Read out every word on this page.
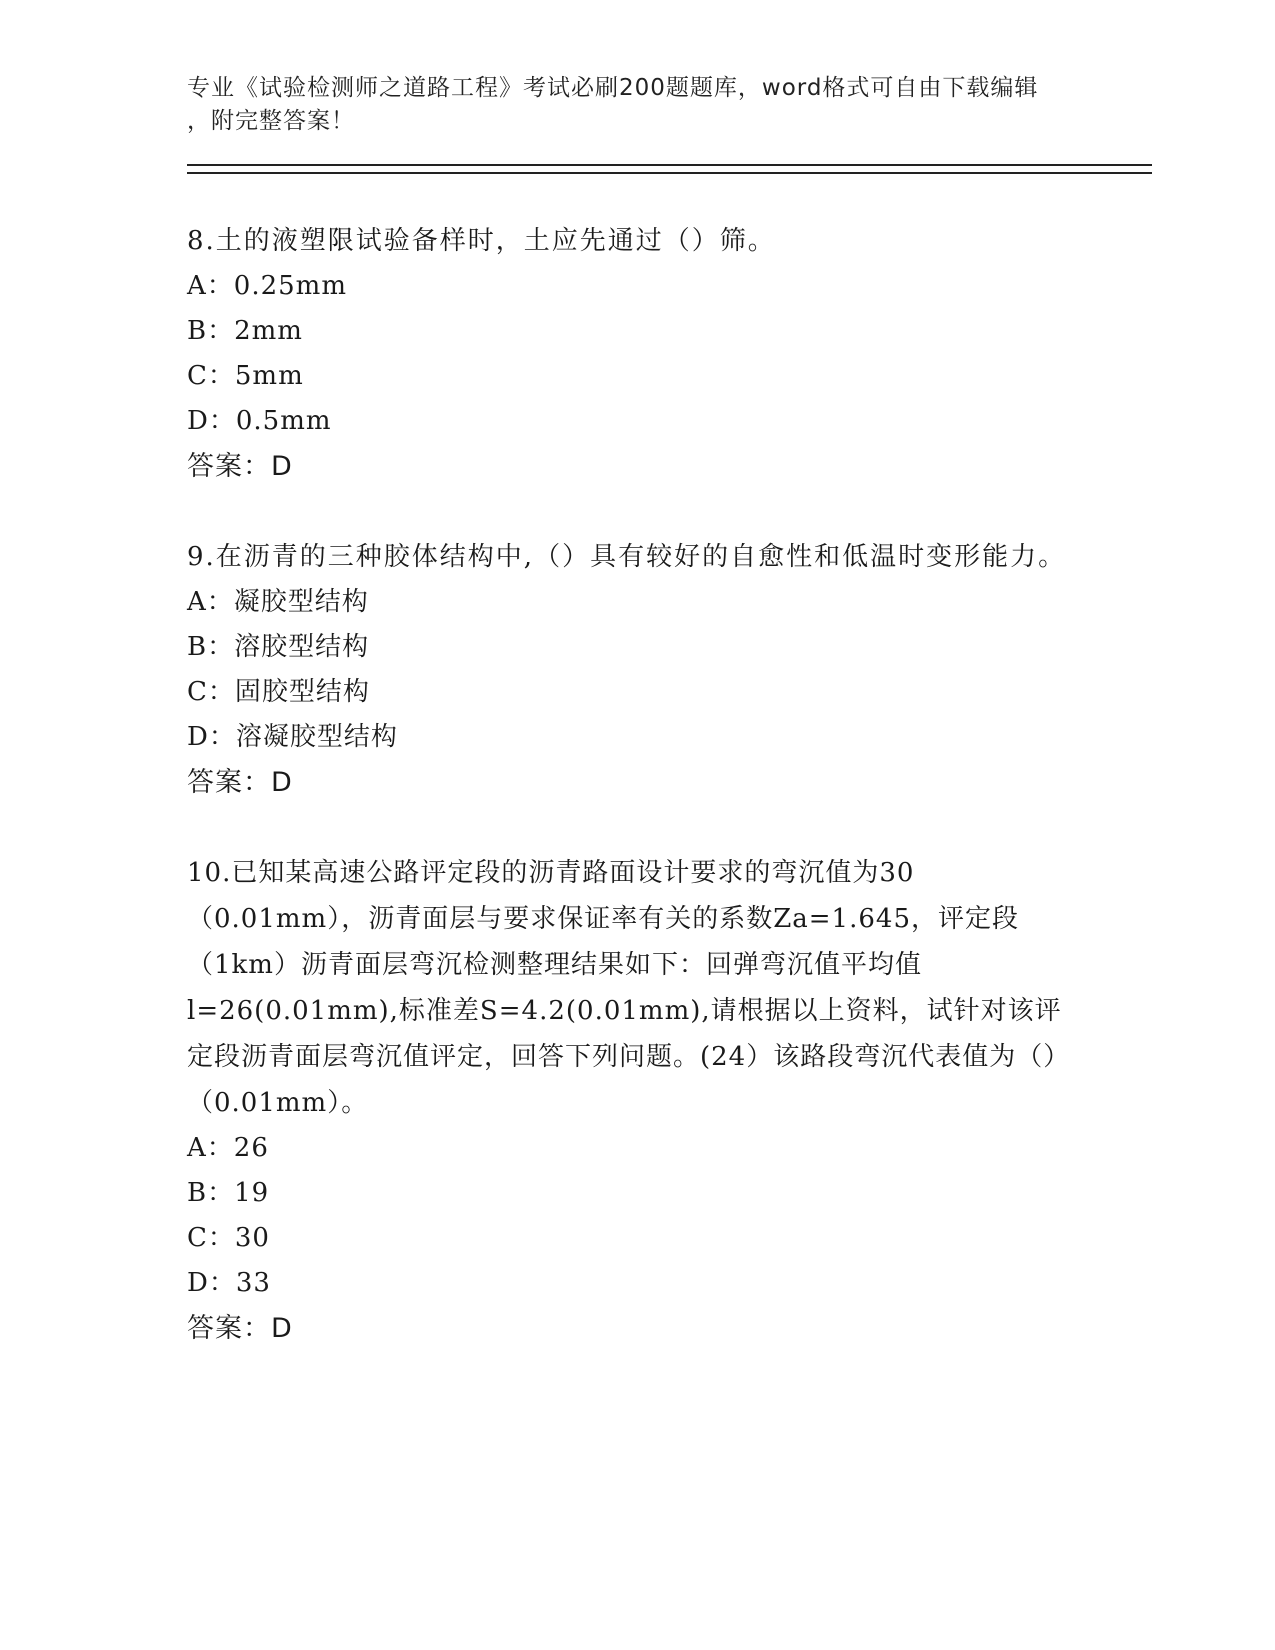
专业《试验检测师之道路工程》考试必刷200题题库，word格式可自由下载编辑
，附完整答案！

8.土的液塑限试验备样时，土应先通过（）筛。

A：0.25mm

B：2mm

C：5mm

D：0.5mm

答案：D

9.在沥青的三种胶体结构中,（）具有较好的自愈性和低温时变形能力。

A：凝胶型结构

B：溶胶型结构

C：固胶型结构

D：溶凝胶型结构

答案：D

10.已知某高速公路评定段的沥青路面设计要求的弯沉值为30（0.01mm），沥青面层与要求保证率有关的系数Za=1.645，评定段（1km）沥青面层弯沉检测整理结果如下：回弹弯沉值平均值l=26(0.01mm),标准差S=4.2(0.01mm),请根据以上资料，试针对该评定段沥青面层弯沉值评定，回答下列问题。(24）该路段弯沉代表值为（）（0.01mm）。

A：26

B：19

C：30

D：33

答案：D
